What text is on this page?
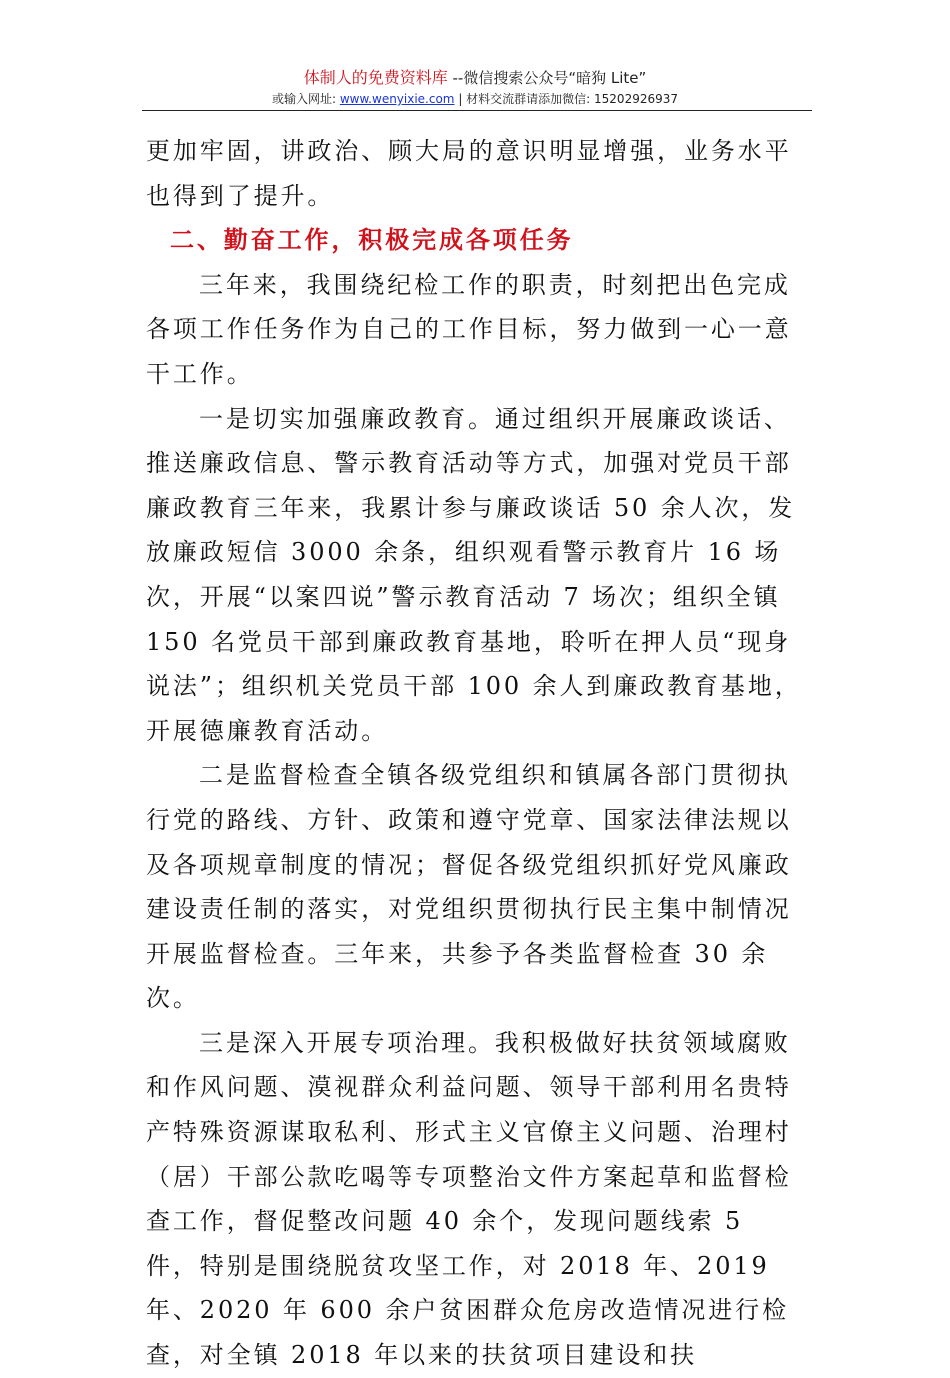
体制人的免费资料库 --微信搜索公众号“暗狗 Lite”
或输入网址: www.wenyixie.com | 材料交流群请添加微信: 15202926937

更加牢固，讲政治、顾大局的意识明显增强，业务水平也得到了提升。

二、勤奋工作，积极完成各项任务

三年来，我围绕纪检工作的职责，时刻把出色完成各项工作任务作为自己的工作目标，努力做到一心一意干工作。

一是切实加强廉政教育。通过组织开展廉政谈话、推送廉政信息、警示教育活动等方式，加强对党员干部廉政教育三年来，我累计参与廉政谈话 50 余人次，发放廉政短信 3000 余条，组织观看警示教育片 16 场次，开展“以案四说”警示教育活动 7 场次；组织全镇 150 名党员干部到廉政教育基地，聆听在押人员“现身说法”；组织机关党员干部 100 余人到廉政教育基地，开展德廉教育活动。

二是监督检查全镇各级党组织和镇属各部门贯彻执行党的路线、方针、政策和遵守党章、国家法律法规以及各项规章制度的情况；督促各级党组织抓好党风廉政建设责任制的落实，对党组织贯彻执行民主集中制情况开展监督检查。三年来，共参予各类监督检查 30 余次。

三是深入开展专项治理。我积极做好扶贫领域腐败和作风问题、漠视群众利益问题、领导干部利用名贵特产特殊资源谋取私利、形式主义官僚主义问题、治理村（居）干部公款吃喝等专项整治文件方案起草和监督检查工作，督促整改问题 40 余个，发现问题线索 5 件，特别是围绕脱贫攻坚工作，对 2018 年、2019 年、2020 年 600 余户贫困群众危房改造情况进行检查，对全镇 2018 年以来的扶贫项目建设和扶
